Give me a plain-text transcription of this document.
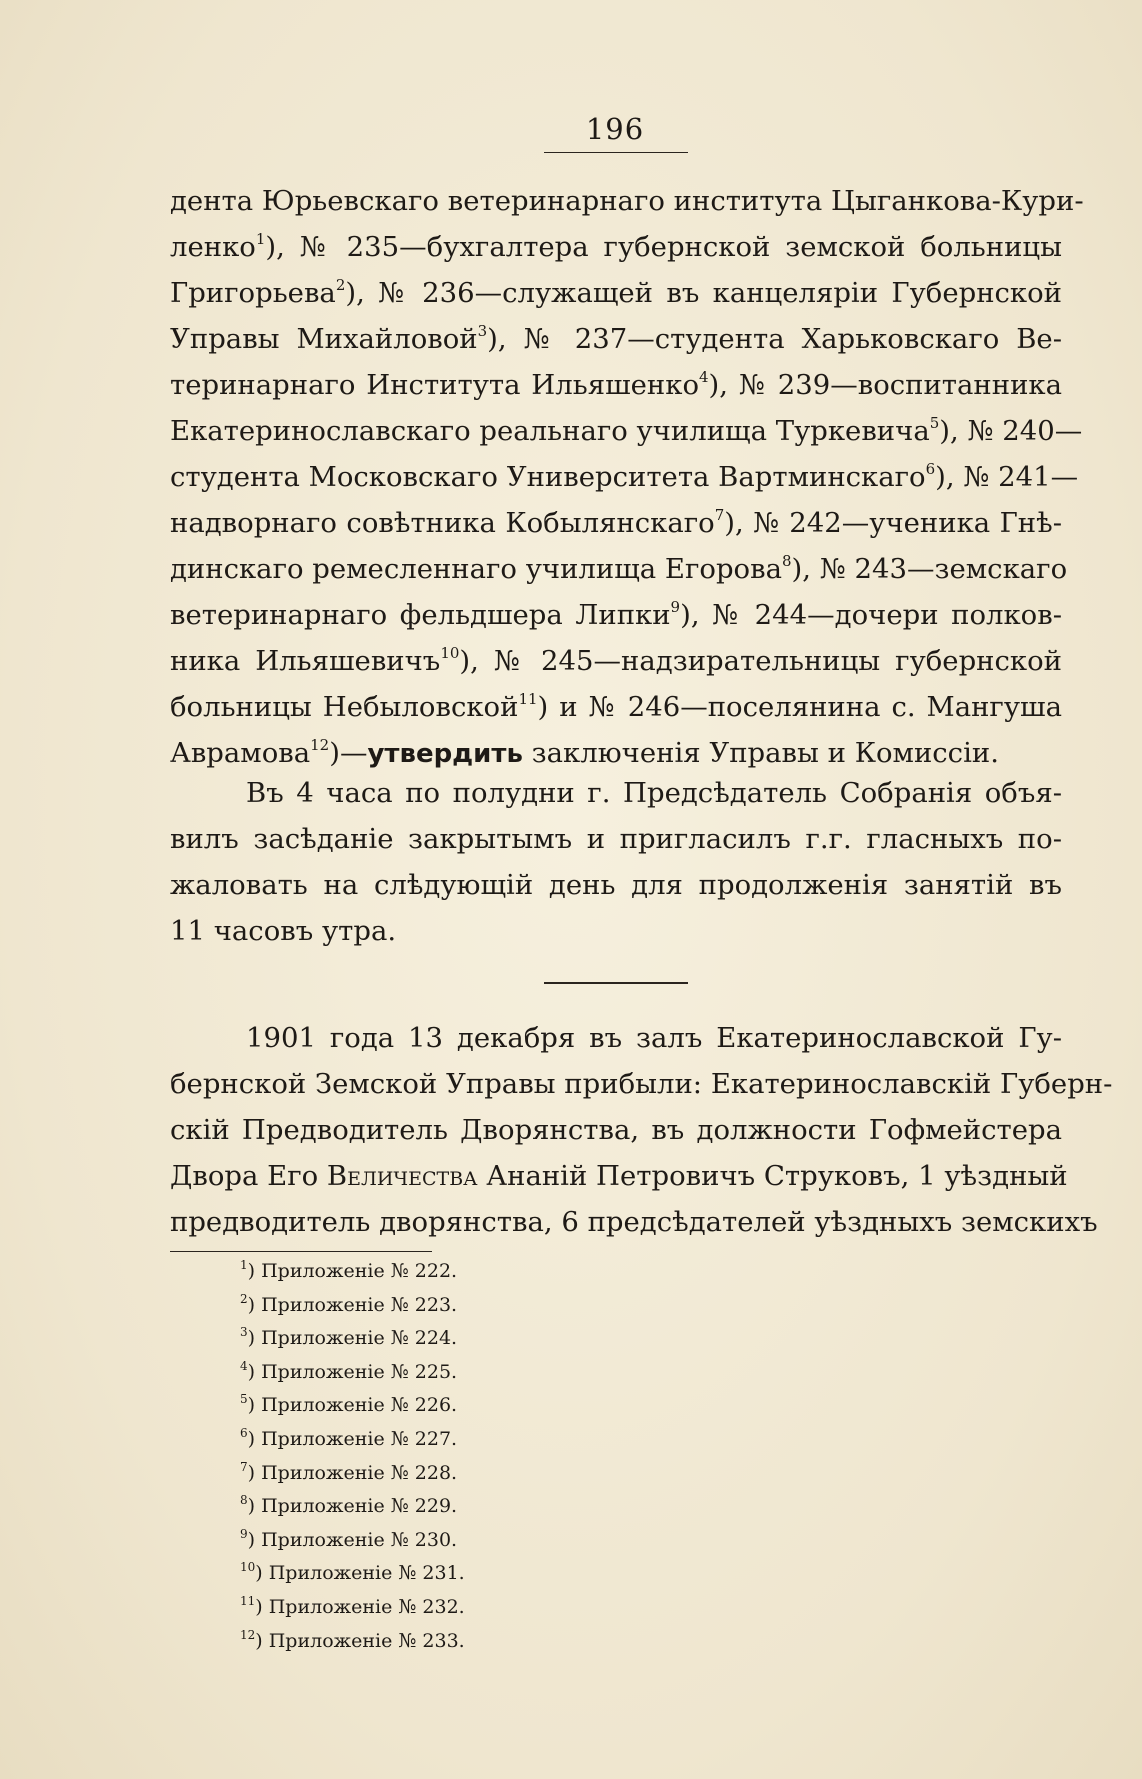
196
дента Юрьевскаго ветеринарнаго института Цыганкова-Кури-
ленко$^1$), № 235—бухгалтера губернской земской больницы
Григорьева$^2$), № 236—служащей въ канцеляріи Губернской
Управы Михайловой$^3$), № 237—студента Харьковскаго Ве-
теринарнаго Института Ильяшенко$^4$), № 239—воспитанника
Екатеринославскаго реальнаго училища Туркевича$^5$), № 240—
студента Московскаго Университета Вартминскаго$^6$), № 241—
надворнаго совѣтника Кобылянскаго$^7$), № 242—ученика Гнѣ-
динскаго ремесленнаго училища Егорова$^8$), № 243—земскаго
ветеринарнаго фельдшера Липки$^9$), № 244—дочери полков-
ника Ильяшевичъ$^{10}$), № 245—надзирательницы губернской
больницы Небыловской$^{11}$) и № 246—поселянина с. Мангуша
Аврамова$^{12}$)—утвердить заключенія Управы и Комиссіи.
Въ 4 часа по полудни г. Предсѣдатель Собранія объя-
вилъ засѣданіе закрытымъ и пригласилъ г.г. гласныхъ по-
жаловать на слѣдующій день для продолженія занятій въ
11 часовъ утра.
1901 года 13 декабря въ залъ Екатеринославской Гу-
бернской Земской Управы прибыли: Екатеринославскій Губерн-
скій Предводитель Дворянства, въ должности Гофмейстера
Двора Его Величества Ананій Петровичъ Струковъ, 1 уѣздный
предводитель дворянства, 6 предсѣдателей уѣздныхъ земскихъ
$^1$) Приложеніе № 222.
$^2$) Приложеніе № 223.
$^3$) Приложеніе № 224.
$^4$) Приложеніе № 225.
$^5$) Приложеніе № 226.
$^6$) Приложеніе № 227.
$^7$) Приложеніе № 228.
$^8$) Приложеніе № 229.
$^9$) Приложеніе № 230.
$^{10}$) Приложеніе № 231.
$^{11}$) Приложеніе № 232.
$^{12}$) Приложеніе № 233.
